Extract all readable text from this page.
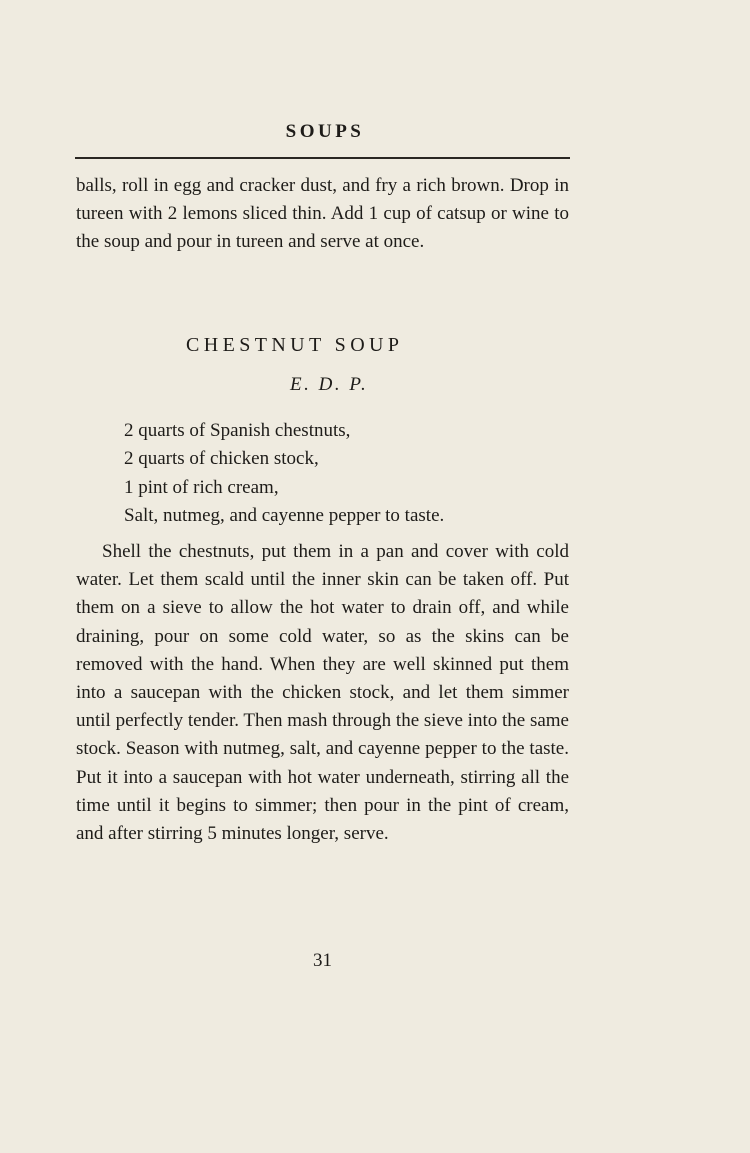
SOUPS

balls, roll in egg and cracker dust, and fry a rich brown. Drop in tureen with 2 lemons sliced thin. Add 1 cup of catsup or wine to the soup and pour in tureen and serve at once.

CHESTNUT SOUP

E. D. P.

2 quarts of Spanish chestnuts,
2 quarts of chicken stock,
1 pint of rich cream,
Salt, nutmeg, and cayenne pepper to taste.

Shell the chestnuts, put them in a pan and cover with cold water. Let them scald until the inner skin can be taken off. Put them on a sieve to allow the hot water to drain off, and while draining, pour on some cold water, so as the skins can be removed with the hand. When they are well skinned put them into a saucepan with the chicken stock, and let them simmer until perfectly tender. Then mash through the sieve into the same stock. Season with nutmeg, salt, and cayenne pepper to the taste. Put it into a saucepan with hot water underneath, stirring all the time until it begins to simmer; then pour in the pint of cream, and after stirring 5 minutes longer, serve.

31
